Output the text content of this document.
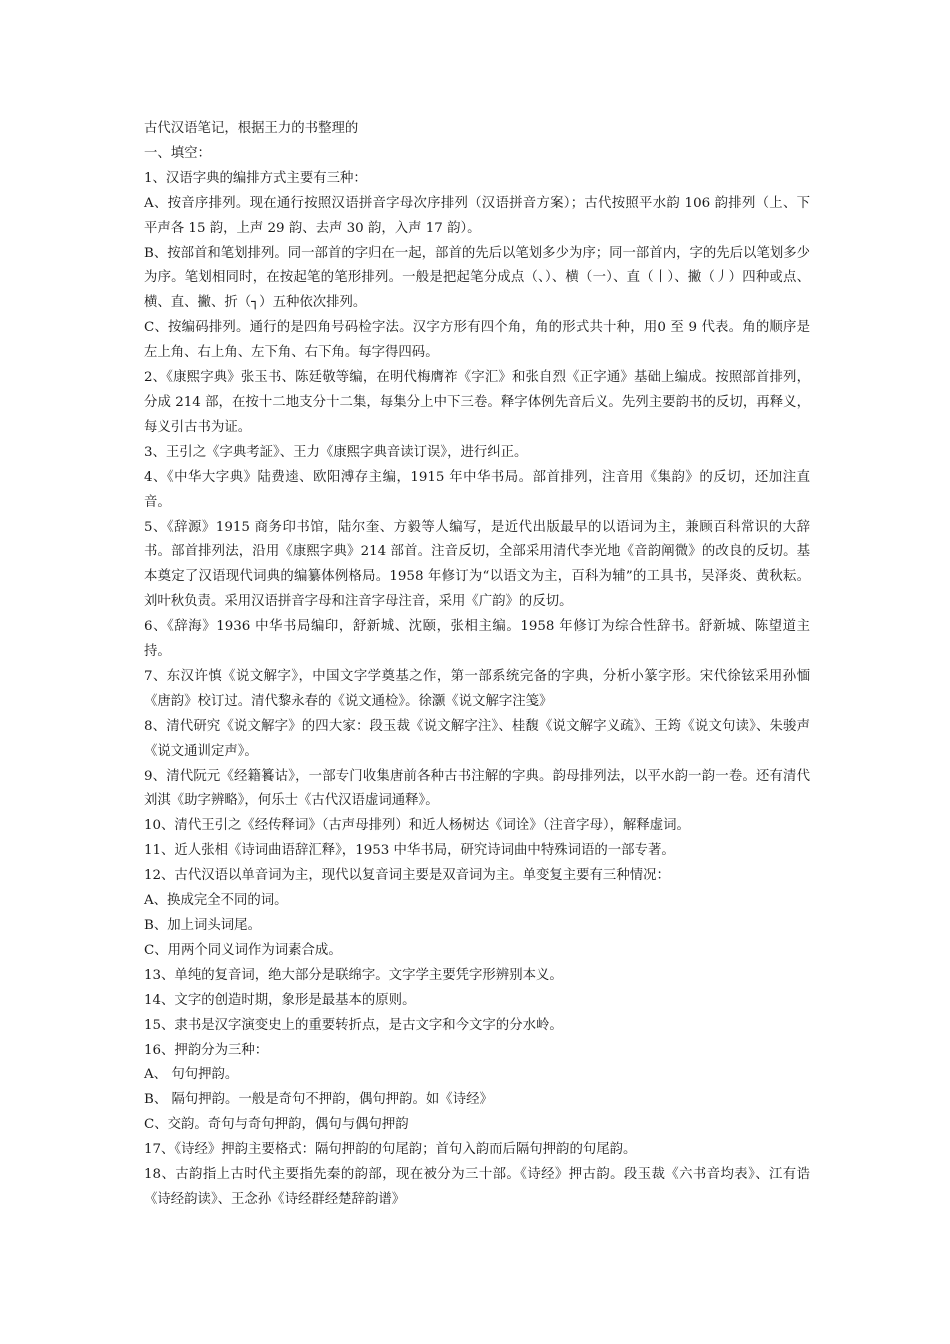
古代汉语笔记，根据王力的书整理的

一、填空：

1、汉语字典的编排方式主要有三种：

A、按音序排列。现在通行按照汉语拼音字母次序排列（汉语拼音方案）；古代按照平水韵 106 韵排列（上、下平声各 15 韵，上声 29 韵、去声 30 韵，入声 17 韵）。

B、按部首和笔划排列。同一部首的字归在一起，部首的先后以笔划多少为序；同一部首内，字的先后以笔划多少为序。笔划相同时，在按起笔的笔形排列。一般是把起笔分成点（、）、横（一）、直（丨）、撇（丿）四种或点、横、直、撇、折（┐）五种依次排列。

C、按编码排列。通行的是四角号码检字法。汉字方形有四个角，角的形式共十种，用0 至 9 代表。角的顺序是左上角、右上角、左下角、右下角。每字得四码。

2、《康熙字典》张玉书、陈廷敬等编，在明代梅膺祚《字汇》和张自烈《正字通》基础上编成。按照部首排列，分成 214 部，在按十二地支分十二集，每集分上中下三卷。释字体例先音后义。先列主要韵书的反切，再释义，每义引古书为证。

3、王引之《字典考証》、王力《康熙字典音读订误》，进行纠正。

4、《中华大字典》陆费逵、欧阳溥存主编，1915 年中华书局。部首排列，注音用《集韵》的反切，还加注直音。

5、《辞源》1915 商务印书馆，陆尔奎、方毅等人编写，是近代出版最早的以语词为主，兼顾百科常识的大辞书。部首排列法，沿用《康熙字典》214 部首。注音反切，全部采用清代李光地《音韵阐微》的改良的反切。基本奠定了汉语现代词典的编纂体例格局。1958 年修订为“以语文为主，百科为辅”的工具书，吴泽炎、黄秋耘。刘叶秋负责。采用汉语拼音字母和注音字母注音，采用《广韵》的反切。

6、《辞海》1936 中华书局编印，舒新城、沈颐，张相主编。1958 年修订为综合性辞书。舒新城、陈望道主持。

7、东汉许慎《说文解字》，中国文字学奠基之作，第一部系统完备的字典，分析小篆字形。宋代徐铉采用孙愐《唐韵》校订过。清代黎永春的《说文通检》。徐灏《说文解字注笺》

8、清代研究《说文解字》的四大家：段玉裁《说文解字注》、桂馥《说文解字义疏》、王筠《说文句读》、朱骏声《说文通训定声》。

9、清代阮元《经籍籑诂》，一部专门收集唐前各种古书注解的字典。韵母排列法，以平水韵一韵一卷。还有清代刘淇《助字辨略》，何乐士《古代汉语虚词通释》。

10、清代王引之《经传释词》（古声母排列）和近人杨树达《词诠》（注音字母），解释虚词。

11、近人张相《诗词曲语辞汇释》，1953 中华书局，研究诗词曲中特殊词语的一部专著。

12、古代汉语以单音词为主，现代以复音词主要是双音词为主。单变复主要有三种情况：

A、换成完全不同的词。

B、加上词头词尾。

C、用两个同义词作为词素合成。

13、单纯的复音词，绝大部分是联绵字。文字学主要凭字形辨别本义。

14、文字的创造时期，象形是最基本的原则。

15、隶书是汉字演变史上的重要转折点，是古文字和今文字的分水岭。

16、押韵分为三种：

A、 句句押韵。

B、 隔句押韵。一般是奇句不押韵，偶句押韵。如《诗经》

C、交韵。奇句与奇句押韵，偶句与偶句押韵

17、《诗经》押韵主要格式：隔句押韵的句尾韵；首句入韵而后隔句押韵的句尾韵。

18、古韵指上古时代主要指先秦的韵部，现在被分为三十部。《诗经》押古韵。段玉裁《六书音均表》、江有诰《诗经韵读》、王念孙《诗经群经楚辞韵谱》
